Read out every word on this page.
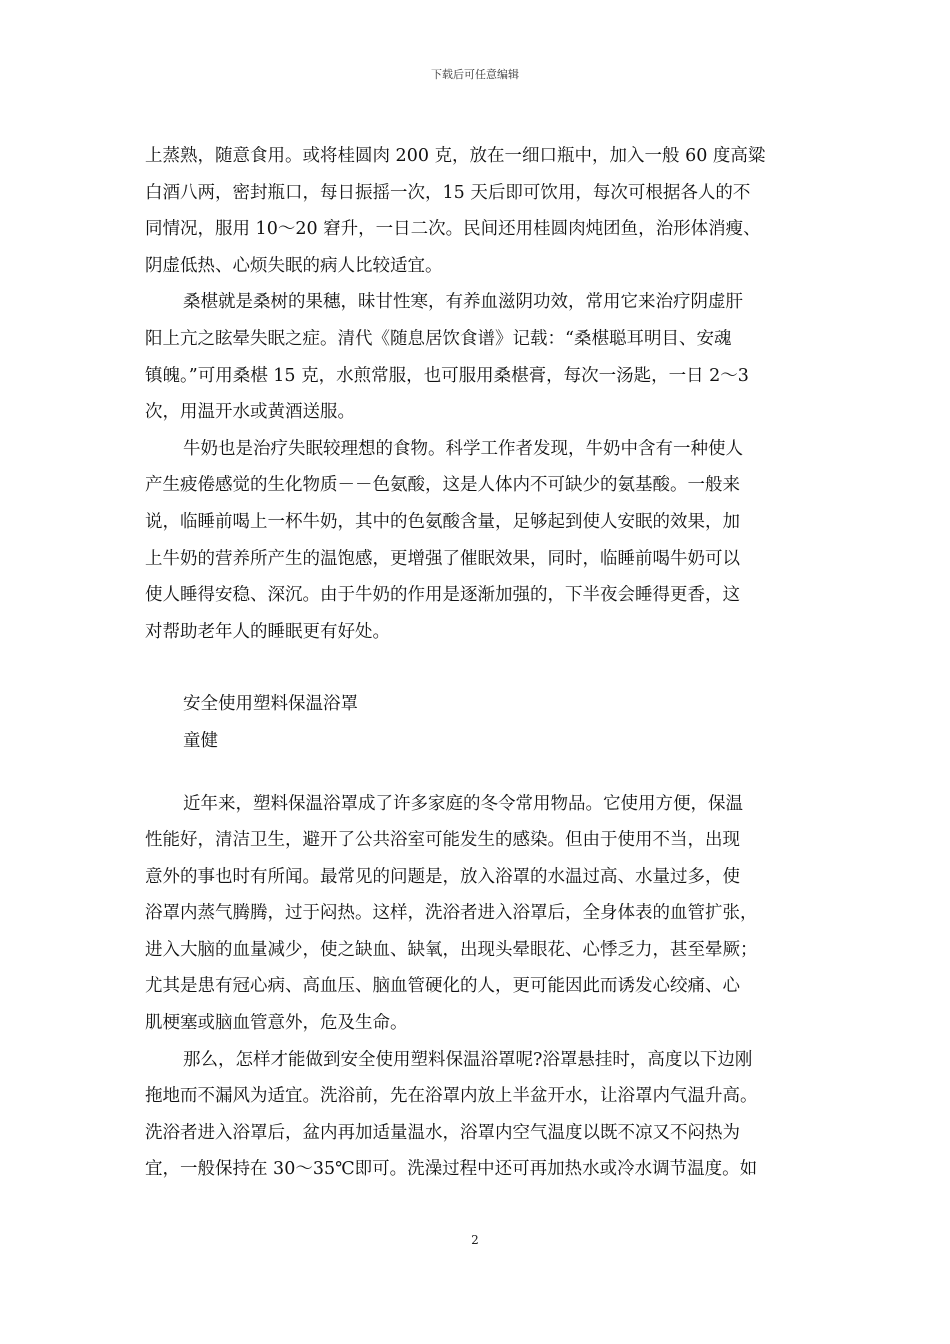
下载后可任意编辑
上蒸熟，随意食用。或将桂圆肉 200 克，放在一细口瓶中，加入一般 60 度高粱
白酒八两，密封瓶口，每日振摇一次，15 天后即可饮用，每次可根据各人的不
同情况，服用 10～20 窘升，一日二次。民间还用桂圆肉炖团鱼，治形体消瘦、
阴虚低热、心烦失眠的病人比较适宜。
桑椹就是桑树的果穗，昧甘性寒，有养血滋阴功效，常用它来治疗阴虚肝
阳上亢之眩晕失眠之症。清代《随息居饮食谱》记载：“桑椹聪耳明目、安魂
镇魄。”可用桑椹 15 克，水煎常服，也可服用桑椹膏，每次一汤匙，一日 2～3
次，用温开水或黄酒送服。
牛奶也是治疗失眠较理想的食物。科学工作者发现，牛奶中含有一种使人
产生疲倦感觉的生化物质－－色氨酸，这是人体内不可缺少的氨基酸。一般来
说，临睡前喝上一杯牛奶，其中的色氨酸含量，足够起到使人安眠的效果，加
上牛奶的营养所产生的温饱感，更增强了催眠效果，同时，临睡前喝牛奶可以
使人睡得安稳、深沉。由于牛奶的作用是逐渐加强的，下半夜会睡得更香，这
对帮助老年人的睡眠更有好处。
安全使用塑料保温浴罩
童健
近年来，塑料保温浴罩成了许多家庭的冬令常用物品。它使用方便，保温
性能好，清洁卫生，避开了公共浴室可能发生的感染。但由于使用不当，出现
意外的事也时有所闻。最常见的问题是，放入浴罩的水温过高、水量过多，使
浴罩内蒸气腾腾，过于闷热。这样，洗浴者进入浴罩后，全身体表的血管扩张，
进入大脑的血量减少，使之缺血、缺氧，出现头晕眼花、心悸乏力，甚至晕厥；
尤其是患有冠心病、高血压、脑血管硬化的人，更可能因此而诱发心绞痛、心
肌梗塞或脑血管意外，危及生命。
那么，怎样才能做到安全使用塑料保温浴罩呢?浴罩悬挂时，高度以下边刚
拖地而不漏风为适宜。洗浴前，先在浴罩内放上半盆开水，让浴罩内气温升高。
洗浴者进入浴罩后，盆内再加适量温水，浴罩内空气温度以既不凉又不闷热为
宜，一般保持在 30～35℃即可。洗澡过程中还可再加热水或冷水调节温度。如
2
